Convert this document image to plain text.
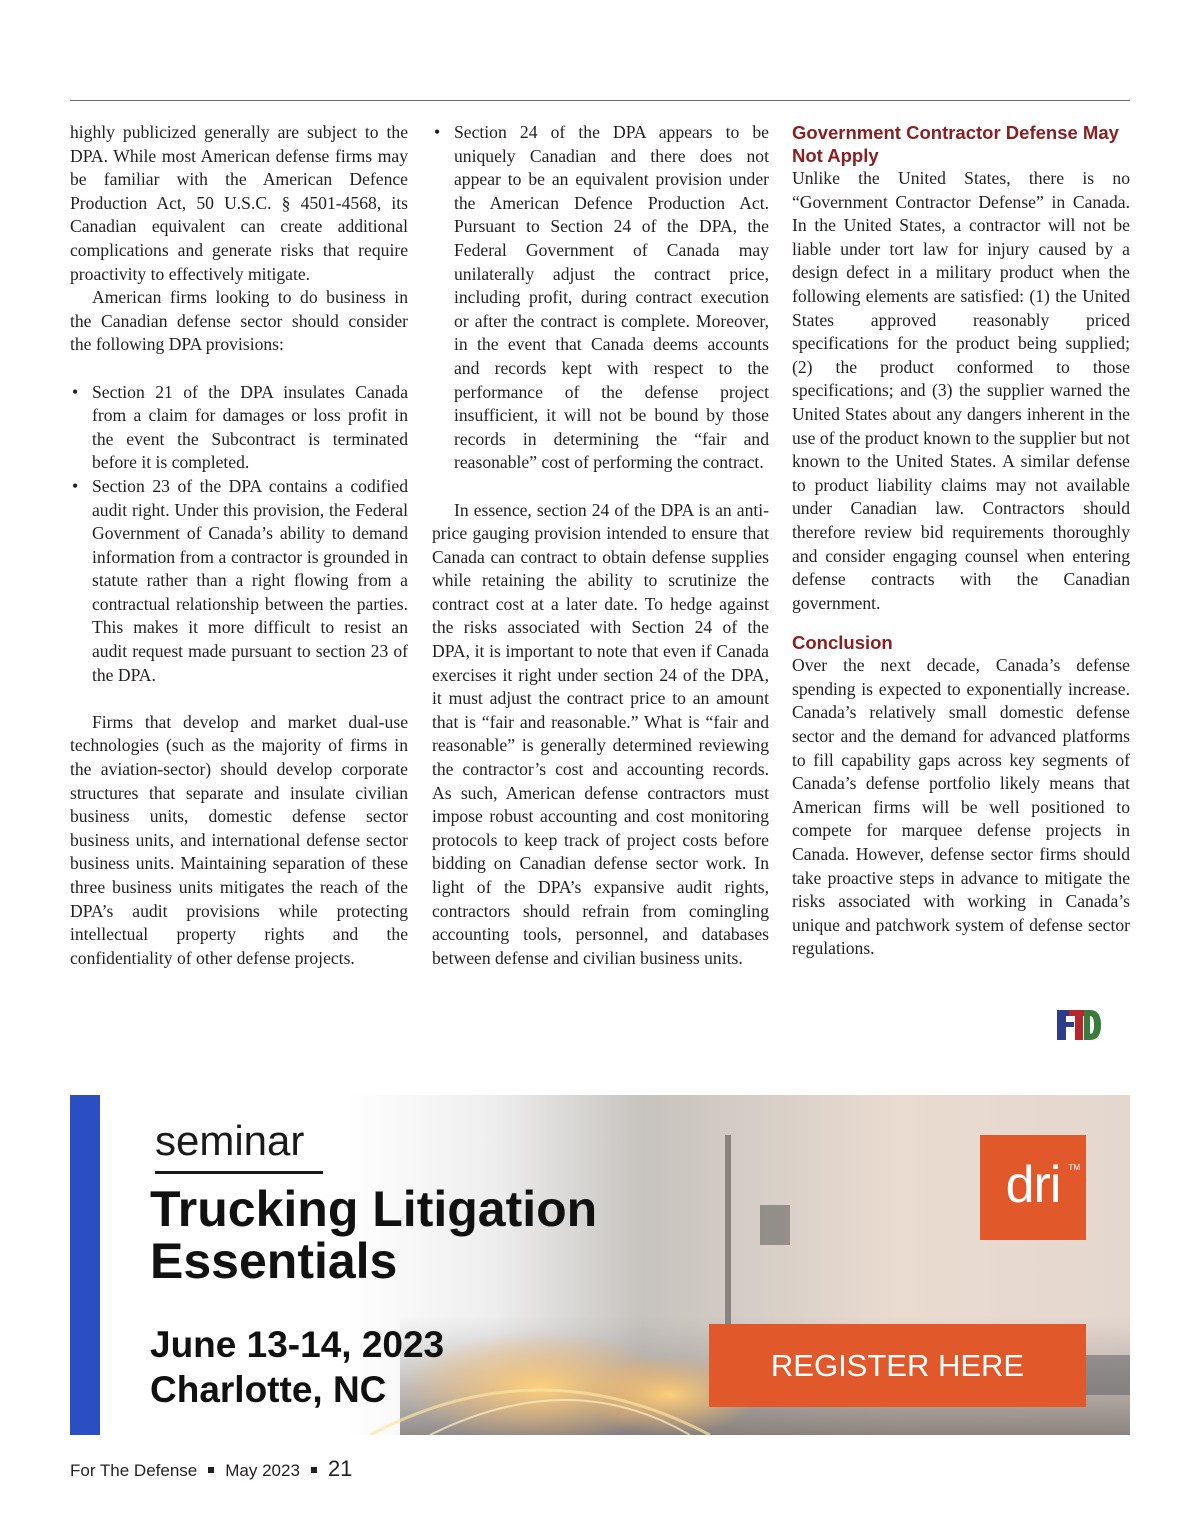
highly publicized generally are subject to the DPA. While most American defense firms may be familiar with the American Defence Production Act, 50 U.S.C. § 4501-4568, its Canadian equivalent can create additional complications and generate risks that require proactivity to effectively mitigate.

American firms looking to do business in the Canadian defense sector should consider the following DPA provisions:

• Section 21 of the DPA insulates Canada from a claim for damages or loss profit in the event the Subcontract is terminated before it is completed.

• Section 23 of the DPA contains a codified audit right. Under this provision, the Federal Government of Canada’s ability to demand information from a contractor is grounded in statute rather than a right flowing from a contractual relationship between the parties. This makes it more difficult to resist an audit request made pursuant to section 23 of the DPA.

Firms that develop and market dual-use technologies (such as the majority of firms in the aviation-sector) should develop corporate structures that separate and insulate civilian business units, domestic defense sector business units, and international defense sector business units. Maintaining separation of these three business units mitigates the reach of the DPA’s audit provisions while protecting intellectual property rights and the confidentiality of other defense projects.

• Section 24 of the DPA appears to be uniquely Canadian and there does not appear to be an equivalent provision under the American Defence Production Act. Pursuant to Section 24 of the DPA, the Federal Government of Canada may unilaterally adjust the contract price, including profit, during contract execution or after the contract is complete. Moreover, in the event that Canada deems accounts and records kept with respect to the performance of the defense project insufficient, it will not be bound by those records in determining the “fair and reasonable” cost of performing the contract.

In essence, section 24 of the DPA is an anti-price gauging provision intended to ensure that Canada can contract to obtain defense supplies while retaining the ability to scrutinize the contract cost at a later date. To hedge against the risks associated with Section 24 of the DPA, it is important to note that even if Canada exercises it right under section 24 of the DPA, it must adjust the contract price to an amount that is “fair and reasonable.” What is “fair and reasonable” is generally determined reviewing the contractor’s cost and accounting records. As such, American defense contractors must impose robust accounting and cost monitoring protocols to keep track of project costs before bidding on Canadian defense sector work. In light of the DPA’s expansive audit rights, contractors should refrain from comingling accounting tools, personnel, and databases between defense and civilian business units.

Government Contractor Defense May Not Apply

Unlike the United States, there is no “Government Contractor Defense” in Canada. In the United States, a contractor will not be liable under tort law for injury caused by a design defect in a military product when the following elements are satisfied: (1) the United States approved reasonably priced specifications for the product being supplied; (2) the product conformed to those specifications; and (3) the supplier warned the United States about any dangers inherent in the use of the product known to the supplier but not known to the United States. A similar defense to product liability claims may not available under Canadian law. Contractors should therefore review bid requirements thoroughly and consider engaging counsel when entering defense contracts with the Canadian government.

Conclusion

Over the next decade, Canada’s defense spending is expected to exponentially increase. Canada’s relatively small domestic defense sector and the demand for advanced platforms to fill capability gaps across key segments of Canada’s defense portfolio likely means that American firms will be well positioned to compete for marquee defense projects in Canada. However, defense sector firms should take proactive steps in advance to mitigate the risks associated with working in Canada’s unique and patchwork system of defense sector regulations.

seminar
Trucking Litigation
Essentials
June 13-14, 2023
Charlotte, NC
dri TM
REGISTER HERE
For The Defense May 2023 21
